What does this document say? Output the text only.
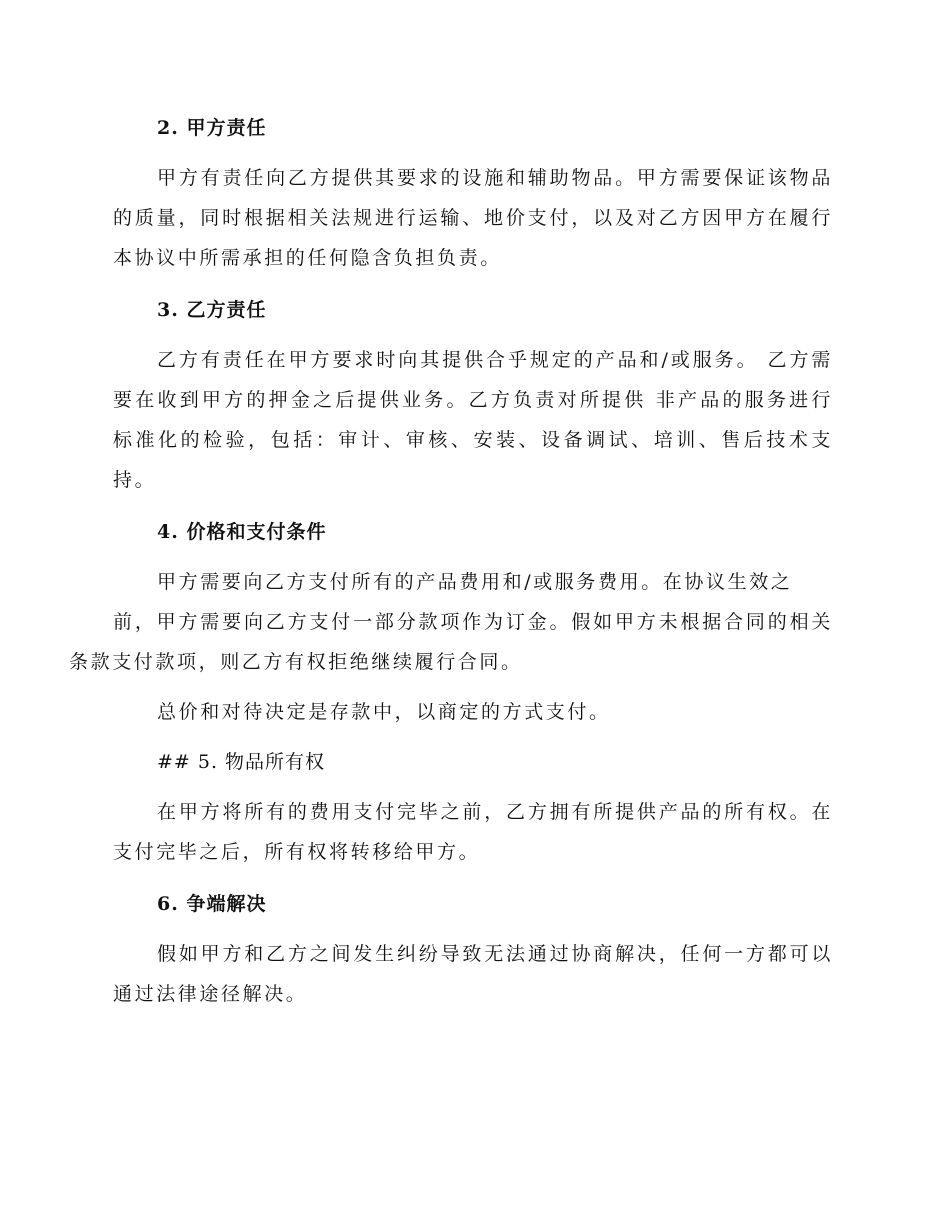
2. 甲方责任

甲方有责任向乙方提供其要求的设施和辅助物品。甲方需要保证该物品的质量，同时根据相关法规进行运输、地价支付，以及对乙方因甲方在履行本协议中所需承担的任何隐含负担负责。

3. 乙方责任

乙方有责任在甲方要求时向其提供合乎规定的产品和/或服务。 乙方需要在收到甲方的押金之后提供业务。乙方负责对所提供 非产品的服务进行标准化的检验，包括：审计、审核、安装、设备调试、培训、售后技术支持。

4. 价格和支付条件
甲方需要向乙方支付所有的产品费用和/或服务费用。在协议生效之
前，甲方需要向乙方支付一部分款项作为订金。假如甲方未根据合同的相关条款支付款项，则乙方有权拒绝继续履行合同。

总价和对待决定是存款中，以商定的方式支付。

## 5. 物品所有权

在甲方将所有的费用支付完毕之前，乙方拥有所提供产品的所有权。在支付完毕之后，所有权将转移给甲方。

6. 争端解决

假如甲方和乙方之间发生纠纷导致无法通过协商解决，任何一方都可以通过法律途径解决。
